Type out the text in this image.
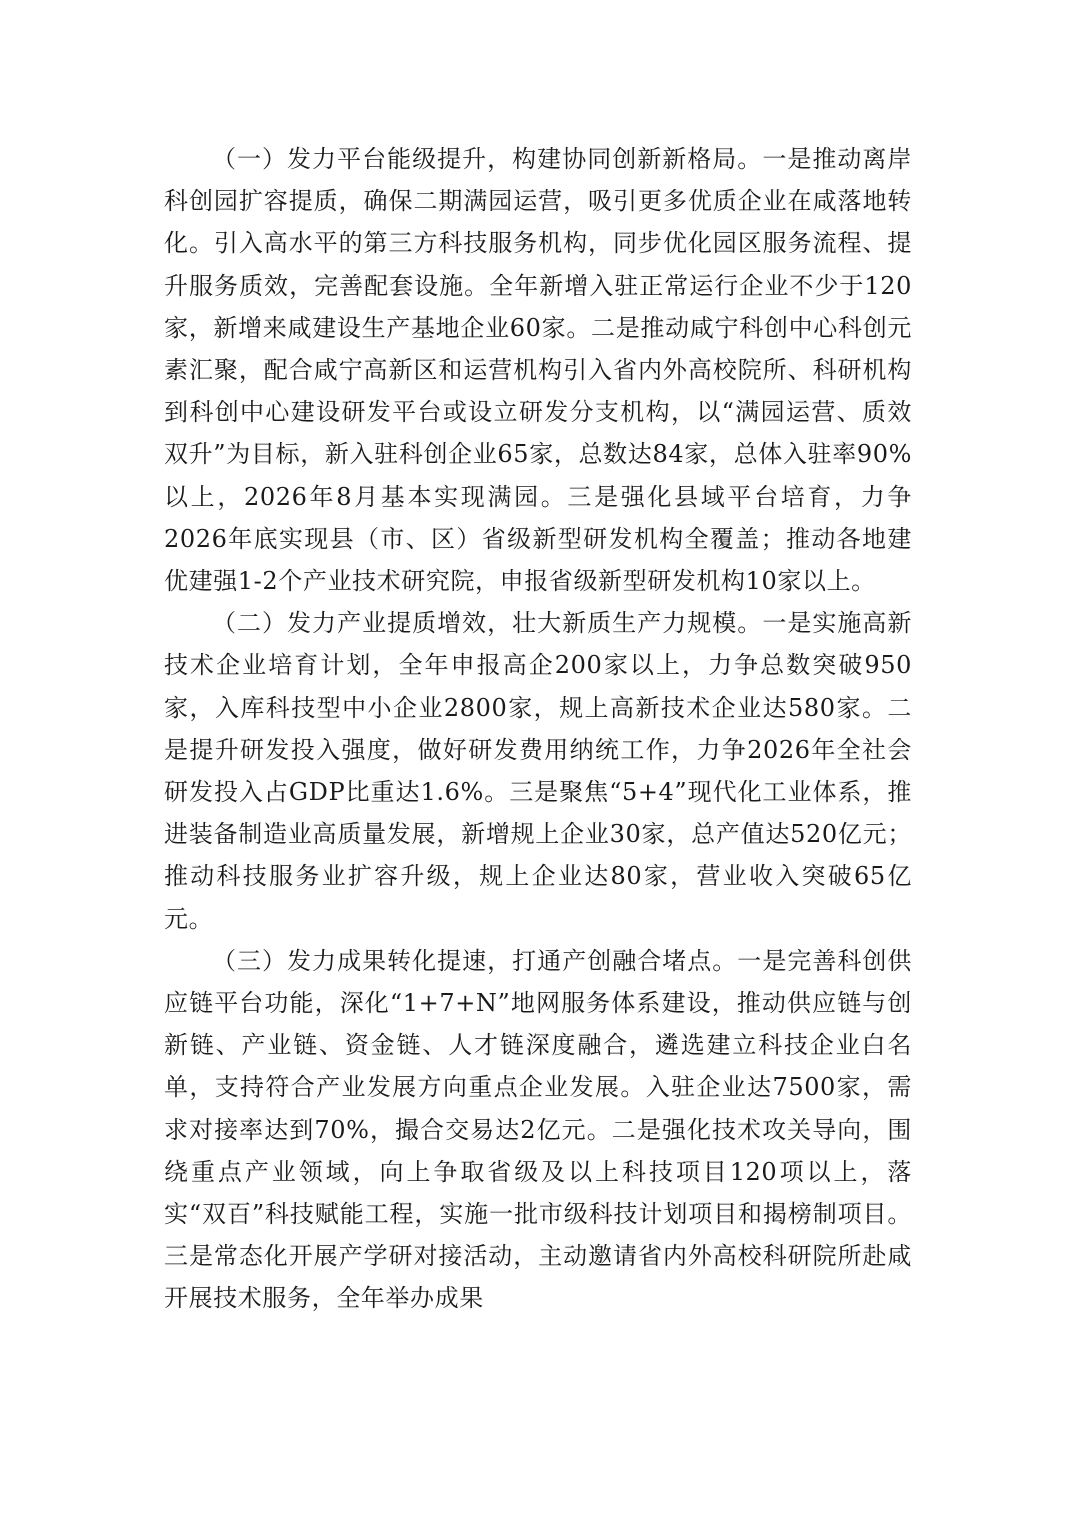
（一）发力平台能级提升，构建协同创新新格局。一是推动离岸科创园扩容提质，确保二期满园运营，吸引更多优质企业在咸落地转化。引入高水平的第三方科技服务机构，同步优化园区服务流程、提升服务质效，完善配套设施。全年新增入驻正常运行企业不少于120家，新增来咸建设生产基地企业60家。二是推动咸宁科创中心科创元素汇聚，配合咸宁高新区和运营机构引入省内外高校院所、科研机构到科创中心建设研发平台或设立研发分支机构，以“满园运营、质效双升”为目标，新入驻科创企业65家，总数达84家，总体入驻率90%以上，2026年8月基本实现满园。三是强化县域平台培育，力争2026年底实现县（市、区）省级新型研发机构全覆盖；推动各地建优建强1-2个产业技术研究院，申报省级新型研发机构10家以上。

（二）发力产业提质增效，壮大新质生产力规模。一是实施高新技术企业培育计划，全年申报高企200家以上，力争总数突破950家，入库科技型中小企业2800家，规上高新技术企业达580家。二是提升研发投入强度，做好研发费用纳统工作，力争2026年全社会研发投入占GDP比重达1.6%。三是聚焦“5+4”现代化工业体系，推进装备制造业高质量发展，新增规上企业30家，总产值达520亿元；推动科技服务业扩容升级，规上企业达80家，营业收入突破65亿元。

（三）发力成果转化提速，打通产创融合堵点。一是完善科创供应链平台功能，深化“1+7+N”地网服务体系建设，推动供应链与创新链、产业链、资金链、人才链深度融合，遴选建立科技企业白名单，支持符合产业发展方向重点企业发展。入驻企业达7500家，需求对接率达到70%，撮合交易达2亿元。二是强化技术攻关导向，围绕重点产业领域，向上争取省级及以上科技项目120项以上，落实“双百”科技赋能工程，实施一批市级科技计划项目和揭榜制项目。三是常态化开展产学研对接活动，主动邀请省内外高校科研院所赴咸开展技术服务，全年举办成果
